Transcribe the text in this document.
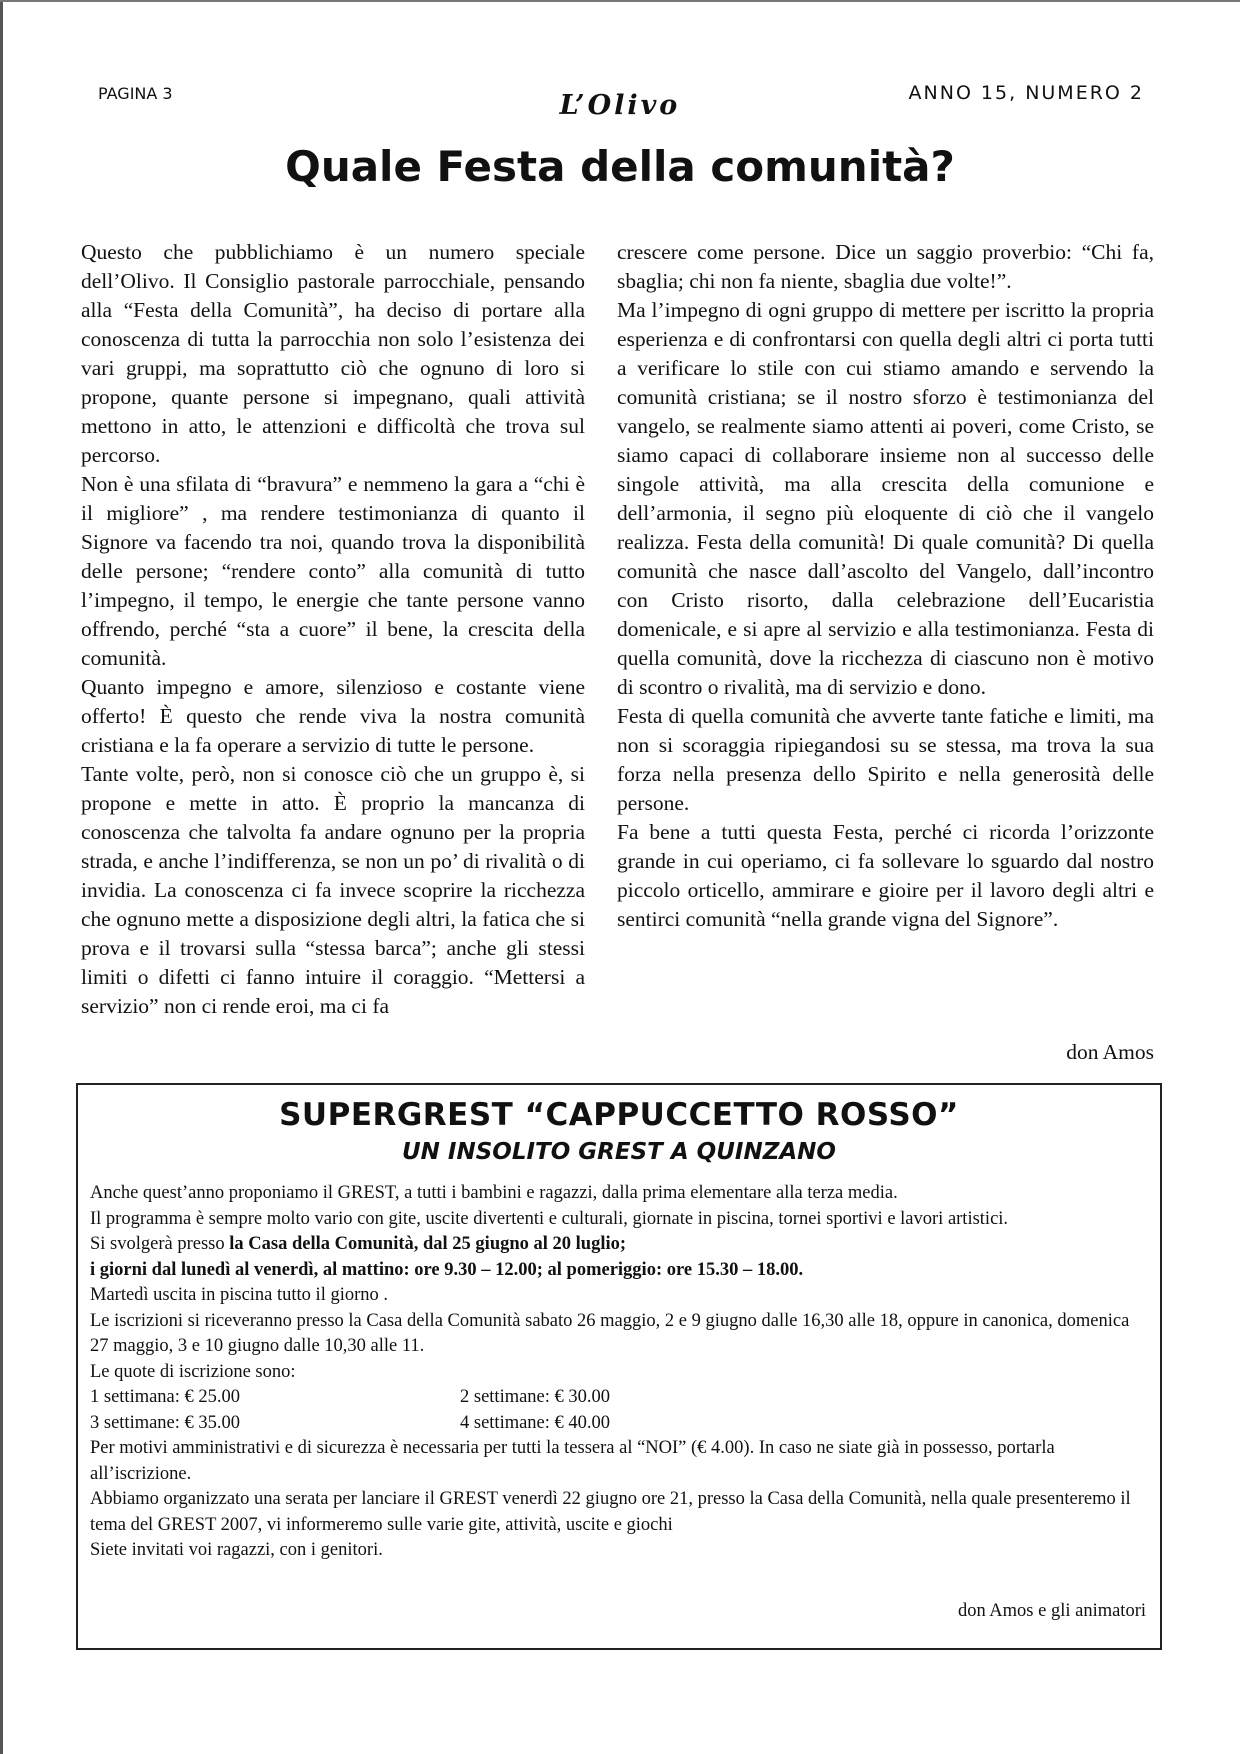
PAGINA 3	ANNO 15, NUMERO 2
L’Olivo
Quale Festa della comunità?

Questo che pubblichiamo è un numero speciale dell’Olivo. Il Consiglio pastorale parrocchiale, pensando alla “Festa della Comunità”, ha deciso di portare alla conoscenza di tutta la parrocchia non solo l’esistenza dei vari gruppi, ma soprattutto ciò che ognuno di loro si propone, quante persone si impegnano, quali attività mettono in atto, le attenzioni e difficoltà che trova sul percorso.

Non è una sfilata di “bravura” e nemmeno la gara a “chi è il migliore” , ma rendere testimonianza di quanto il Signore va facendo tra noi, quando trova la disponibilità delle persone; “rendere conto” alla comunità di tutto l’impegno, il tempo, le energie che tante persone vanno offrendo, perché “sta a cuore” il bene, la crescita della comunità.

Quanto impegno e amore, silenzioso e costante viene offerto! È questo che rende viva la nostra comunità cristiana e la fa operare a servizio di tutte le persone.

Tante volte, però, non si conosce ciò che un gruppo è, si propone e mette in atto. È proprio la mancanza di conoscenza che talvolta fa andare ognuno per la propria strada, e anche l’indifferenza, se non un po’ di rivalità o di invidia. La conoscenza ci fa invece scoprire la ricchezza che ognuno mette a disposizione degli altri, la fatica che si prova e il trovarsi sulla “stessa barca”; anche gli stessi limiti o difetti ci fanno intuire il coraggio. “Mettersi a servizio” non ci rende eroi, ma ci fa

crescere come persone. Dice un saggio proverbio: “Chi fa, sbaglia; chi non fa niente, sbaglia due volte!”.

Ma l’impegno di ogni gruppo di mettere per iscritto la propria esperienza e di confrontarsi con quella degli altri ci porta tutti a verificare lo stile con cui stiamo amando e servendo la comunità cristiana; se il nostro sforzo è testimonianza del vangelo, se realmente siamo attenti ai poveri, come Cristo, se siamo capaci di collaborare insieme non al successo delle singole attività, ma alla crescita della comunione e dell’armonia, il segno più eloquente di ciò che il vangelo realizza. Festa della comunità! Di quale comunità? Di quella comunità che nasce dall’ascolto del Vangelo, dall’incontro con Cristo risorto, dalla celebrazione dell’Eucaristia domenicale, e si apre al servizio e alla testimonianza. Festa di quella comunità, dove la ricchezza di ciascuno non è motivo di scontro o rivalità, ma di servizio e dono.

Festa di quella comunità che avverte tante fatiche e limiti, ma non si scoraggia ripiegandosi su se stessa, ma trova la sua forza nella presenza dello Spirito e nella generosità delle persone.

Fa bene a tutti questa Festa, perché ci ricorda l’orizzonte grande in cui operiamo, ci fa sollevare lo sguardo dal nostro piccolo orticello, ammirare e gioire per il lavoro degli altri e sentirci comunità “nella grande vigna del Signore”.

don Amos
SUPERGREST “CAPPUCCETTO ROSSO”
UN INSOLITO GREST A QUINZANO

Anche quest’anno proponiamo il GREST, a tutti i bambini e ragazzi, dalla prima elementare alla terza media.

Il programma è sempre molto vario con gite, uscite divertenti e culturali, giornate in piscina, tornei sportivi e lavori artistici.

Si svolgerà presso la Casa della Comunità, dal 25 giugno al 20 luglio;

i giorni dal lunedì al venerdì, al mattino: ore 9.30 – 12.00; al pomeriggio: ore 15.30 – 18.00.

Martedì uscita in piscina tutto il giorno .

Le iscrizioni si riceveranno presso la Casa della Comunità sabato 26 maggio, 2 e 9 giugno dalle 16,30 alle 18, oppure in canonica, domenica 27 maggio, 3 e 10 giugno dalle 10,30 alle 11.

Le quote di iscrizione sono:

1 settimana: € 25.00	2 settimane: € 30.00
3 settimane: € 35.00	4 settimane: € 40.00

Per motivi amministrativi e di sicurezza è necessaria per tutti la tessera al “NOI” (€ 4.00). In caso ne siate già in possesso, portarla all’iscrizione.

Abbiamo organizzato una serata per lanciare il GREST venerdì 22 giugno ore 21, presso la Casa della Comunità, nella quale presenteremo il tema del GREST 2007, vi informeremo sulle varie gite, attività, uscite e giochi

Siete invitati voi ragazzi, con i genitori.

don Amos e gli animatori
